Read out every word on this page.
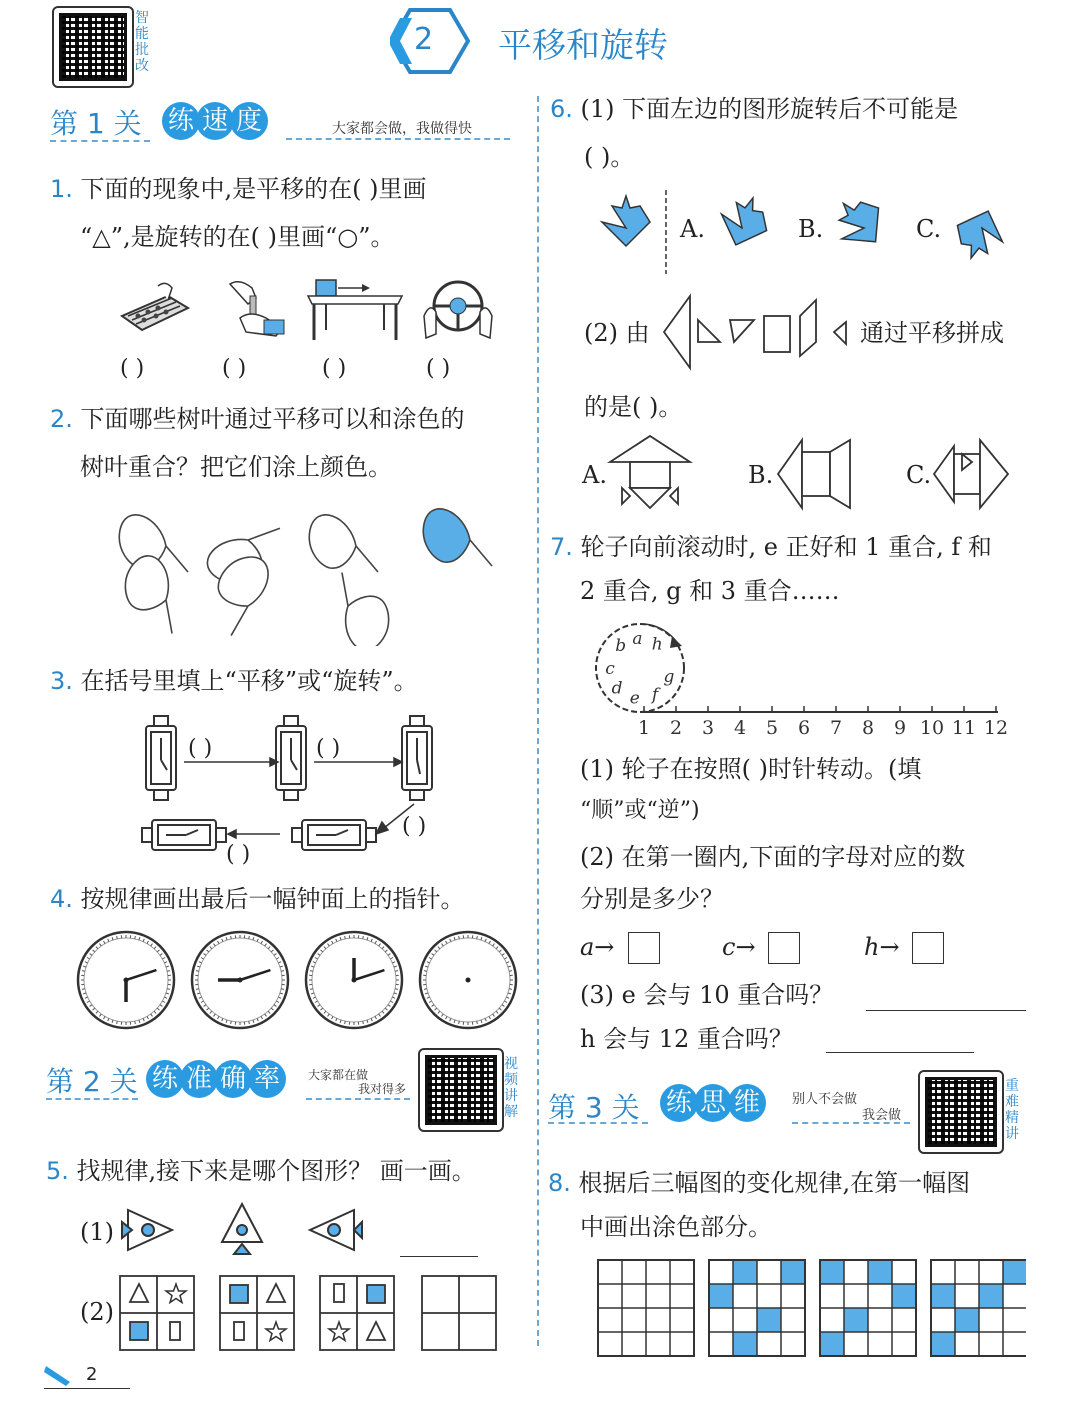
智能批改
2 平移和旋转
第 1 关 练 速 度	大家都会做，我做得快
1. 下面的现象中,是平移的在( )里画
“△”,是旋转的在( )里画“○”。
( )	( )	( )	( )
2. 下面哪些树叶通过平移可以和涂色的
树叶重合？把它们涂上颜色。
3. 在括号里填上“平移”或“旋转”。
( )	( )
( )
( )
4. 按规律画出最后一幅钟面上的指针。
第 2 关 练 准 确 率 大家都在做
我对得多
视频讲解
5. 找规律,接下来是哪个图形？ 画一画。
(1)
(2)
2
6. (1) 下面左边的图形旋转后不可能是
( )。
A.	B.	C.
(2) 由	通过平移拼成
的是( )。
A.	B.	C.
7. 轮子向前滚动时, e 正好和 1 重合, f 和
2 重合, g 和 3 重合……
a
b
c
d
e f
g
h
1 2 3 4 5 6 7 8 9 10 11 12
(1) 轮子在按照( )时针转动。(填
“顺”或“逆”)
(2) 在第一圈内,下面的字母对应的数
分别是多少？
a→	c→	h→
(3) e 会与 10 重合吗？
h 会与 12 重合吗？
第 3 关 练 思 维 别人不会做
我会做
重难精讲
8. 根据后三幅图的变化规律,在第一幅图
中画出涂色部分。
